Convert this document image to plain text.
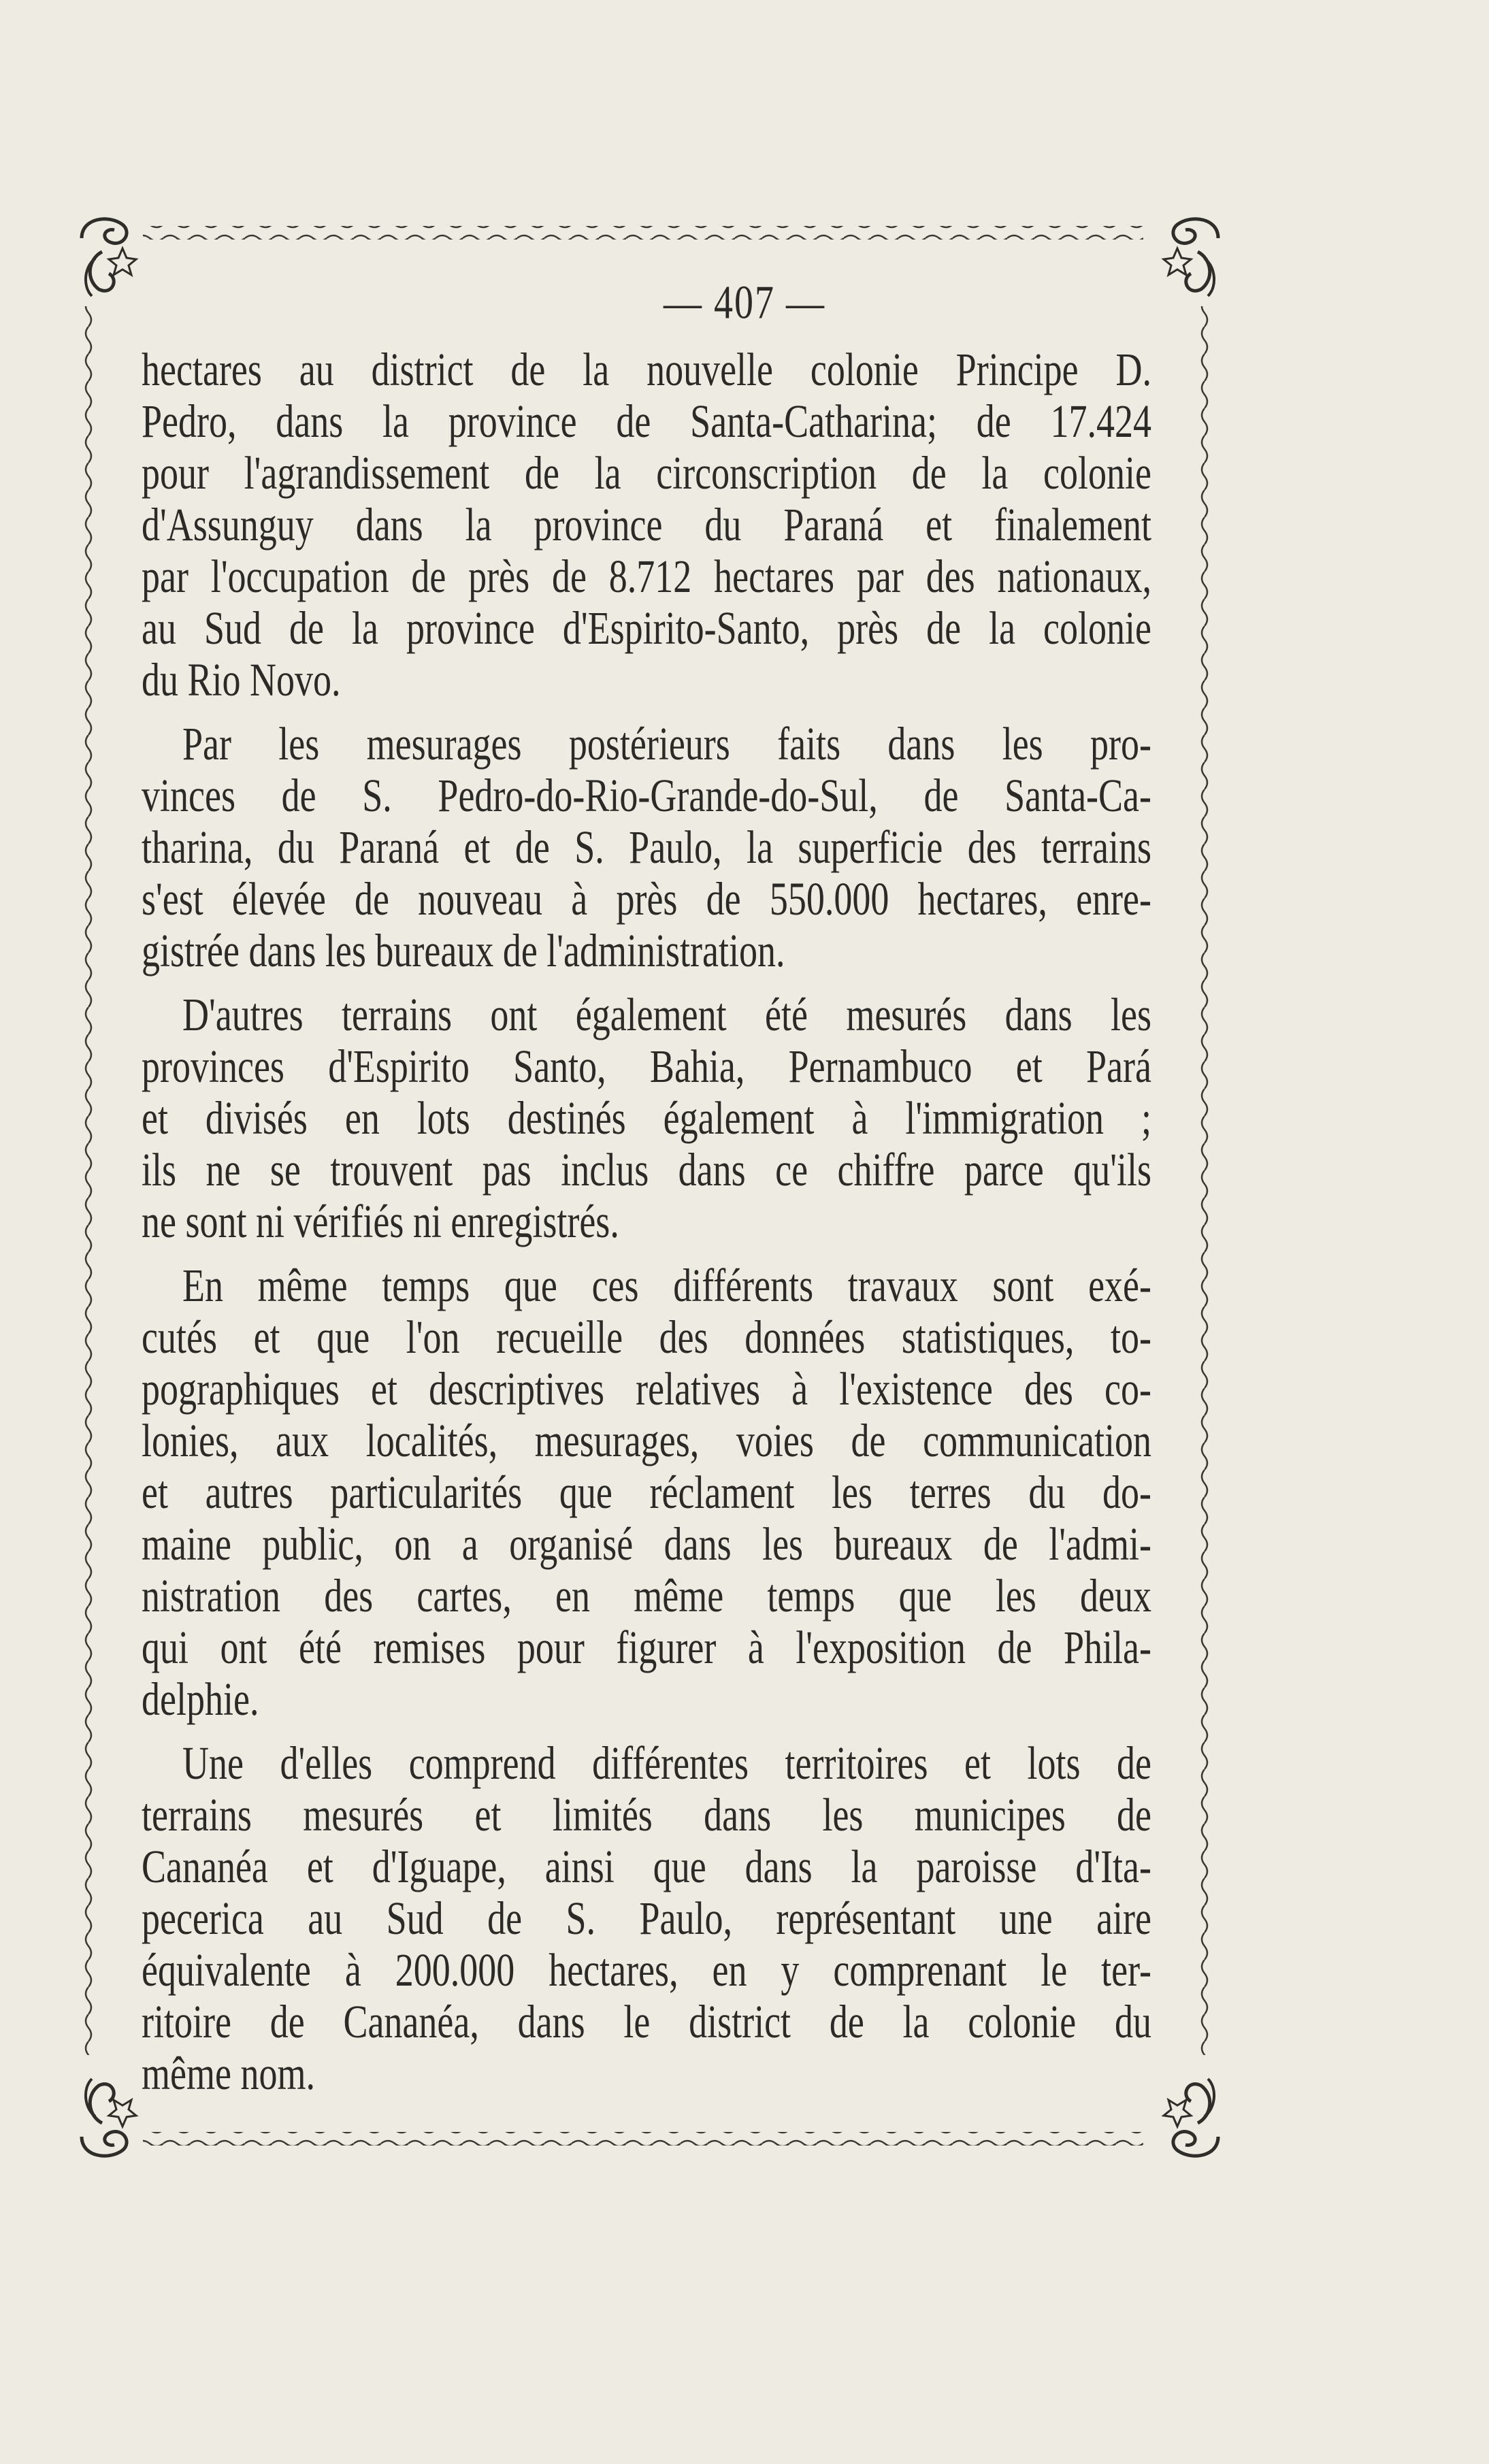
— 407 —
hectares au district de la nouvelle colonie Principe D.
Pedro, dans la province de Santa-Catharina; de 17.424
pour l'agrandissement de la circonscription de la colonie
d'Assunguy dans la province du Paraná et finalement
par l'occupation de près de 8.712 hectares par des nationaux,
au Sud de la province d'Espirito-Santo, près de la colonie
du Rio Novo.
Par les mesurages postérieurs faits dans les pro-
vinces de S. Pedro-do-Rio-Grande-do-Sul, de Santa-Ca-
tharina, du Paraná et de S. Paulo, la superficie des terrains
s'est élevée de nouveau à près de 550.000 hectares, enre-
gistrée dans les bureaux de l'administration.
D'autres terrains ont également été mesurés dans les
provinces d'Espirito Santo, Bahia, Pernambuco et Pará
et divisés en lots destinés également à l'immigration ;
ils ne se trouvent pas inclus dans ce chiffre parce qu'ils
ne sont ni vérifiés ni enregistrés.
En même temps que ces différents travaux sont exé-
cutés et que l'on recueille des données statistiques, to-
pographiques et descriptives relatives à l'existence des co-
lonies, aux localités, mesurages, voies de communication
et autres particularités que réclament les terres du do-
maine public, on a organisé dans les bureaux de l'admi-
nistration des cartes, en même temps que les deux
qui ont été remises pour figurer à l'exposition de Phila-
delphie.
Une d'elles comprend différentes territoires et lots de
terrains mesurés et limités dans les municipes de
Cananéa et d'Iguape, ainsi que dans la paroisse d'Ita-
pecerica au Sud de S. Paulo, représentant une aire
équivalente à 200.000 hectares, en y comprenant le ter-
ritoire de Cananéa, dans le district de la colonie du
même nom.
